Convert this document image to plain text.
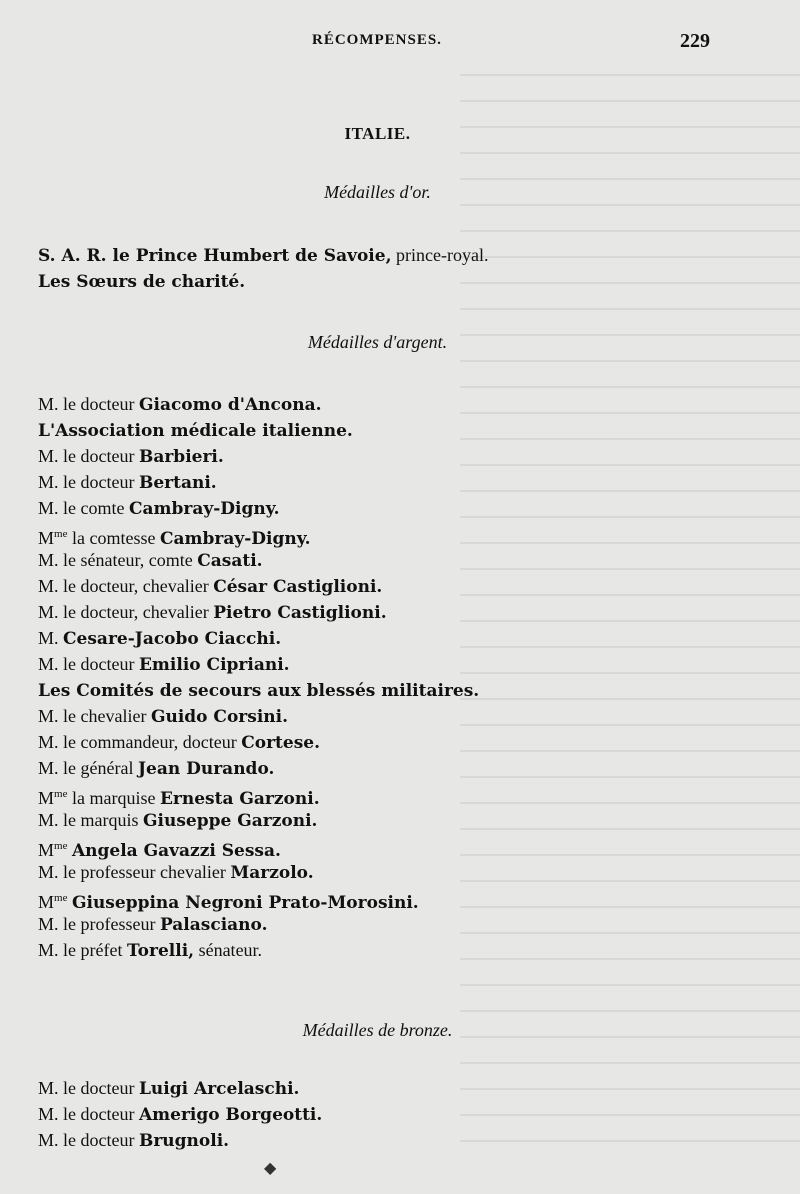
RÉCOMPENSES.	229
ITALIE.
Médailles d'or.
S. A. R. le Prince Humbert de Savoie, prince-royal.
Les Sœurs de charité.
Médailles d'argent.
M. le docteur Giacomo d'Ancona.
L'Association médicale italienne.
M. le docteur Barbieri.
M. le docteur Bertani.
M. le comte Cambray-Digny.
$M^{me}$ la comtesse Cambray-Digny.
M. le sénateur, comte Casati.
M. le docteur, chevalier César Castiglioni.
M. le docteur, chevalier Pietro Castiglioni.
M. Cesare-Jacobo Ciacchi.
M. le docteur Emilio Cipriani.
Les Comités de secours aux blessés militaires.
M. le chevalier Guido Corsini.
M. le commandeur, docteur Cortese.
M. le général Jean Durando.
$M^{me}$ la marquise Ernesta Garzoni.
M. le marquis Giuseppe Garzoni.
$M^{me}$ Angela Gavazzi Sessa.
M. le professeur chevalier Marzolo.
$M^{me}$ Giuseppina Negroni Prato-Morosini.
M. le professeur Palasciano.
M. le préfet Torelli, sénateur.
Médailles de bronze.
M. le docteur Luigi Arcelaschi.
M. le docteur Amerigo Borgeotti.
M. le docteur Brugnoli.
◆
